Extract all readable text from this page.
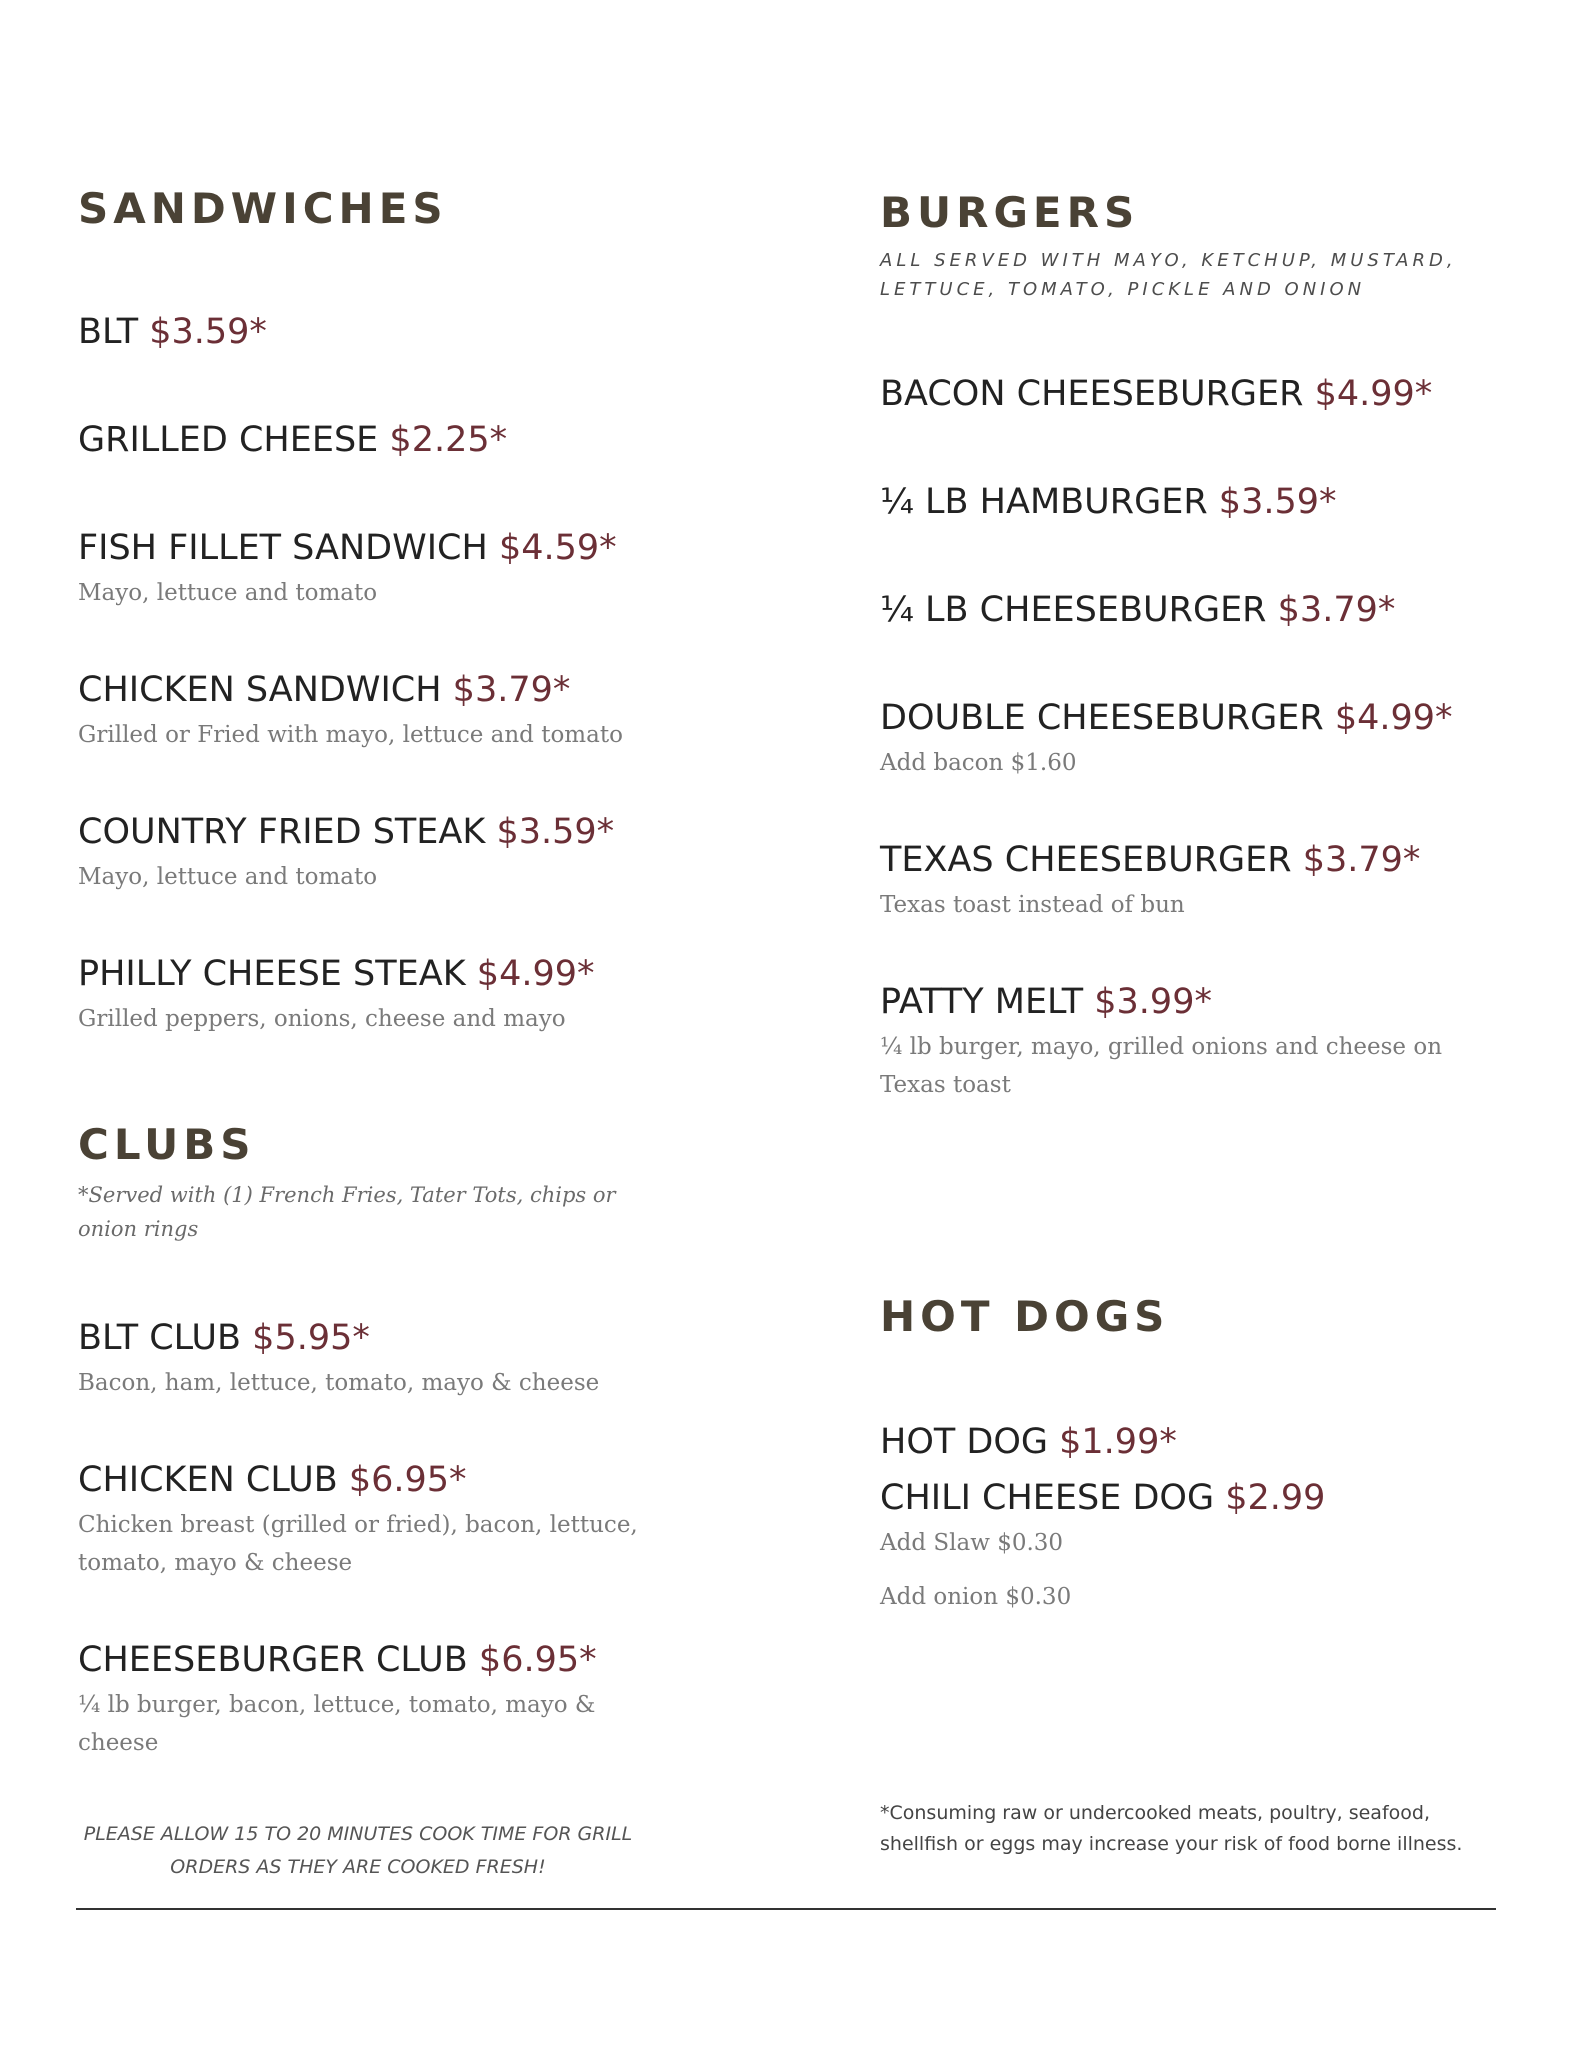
SANDWICHES
BLT $3.59*
GRILLED CHEESE $2.25*
FISH FILLET SANDWICH $4.59*
Mayo, lettuce and tomato
CHICKEN SANDWICH $3.79*
Grilled or Fried with mayo, lettuce and tomato
COUNTRY FRIED STEAK $3.59*
Mayo, lettuce and tomato
PHILLY CHEESE STEAK $4.99*
Grilled peppers, onions, cheese and mayo
CLUBS

*Served with (1) French Fries, Tater Tots, chips or onion rings

BLT CLUB $5.95*
Bacon, ham, lettuce, tomato, mayo & cheese
CHICKEN CLUB $6.95*
Chicken breast (grilled or fried), bacon, lettuce, tomato, mayo & cheese
CHEESEBURGER CLUB $6.95*
¼ lb burger, bacon, lettuce, tomato, mayo & cheese
PLEASE ALLOW 15 TO 20 MINUTES COOK TIME FOR GRILL ORDERS AS THEY ARE COOKED FRESH!
BURGERS

ALL SERVED WITH MAYO, KETCHUP, MUSTARD, LETTUCE, TOMATO, PICKLE AND ONION

BACON CHEESEBURGER $4.99*
¼ LB HAMBURGER $3.59*
¼ LB CHEESEBURGER $3.79*
DOUBLE CHEESEBURGER $4.99*
Add bacon $1.60
TEXAS CHEESEBURGER $3.79*
Texas toast instead of bun
PATTY MELT $3.99*
¼ lb burger, mayo, grilled onions and cheese on Texas toast
HOT DOGS
HOT DOG $1.99*
CHILI CHEESE DOG $2.99
Add Slaw $0.30
Add onion $0.30
*Consuming raw or undercooked meats, poultry, seafood, shellfish or eggs may increase your risk of food borne illness.
